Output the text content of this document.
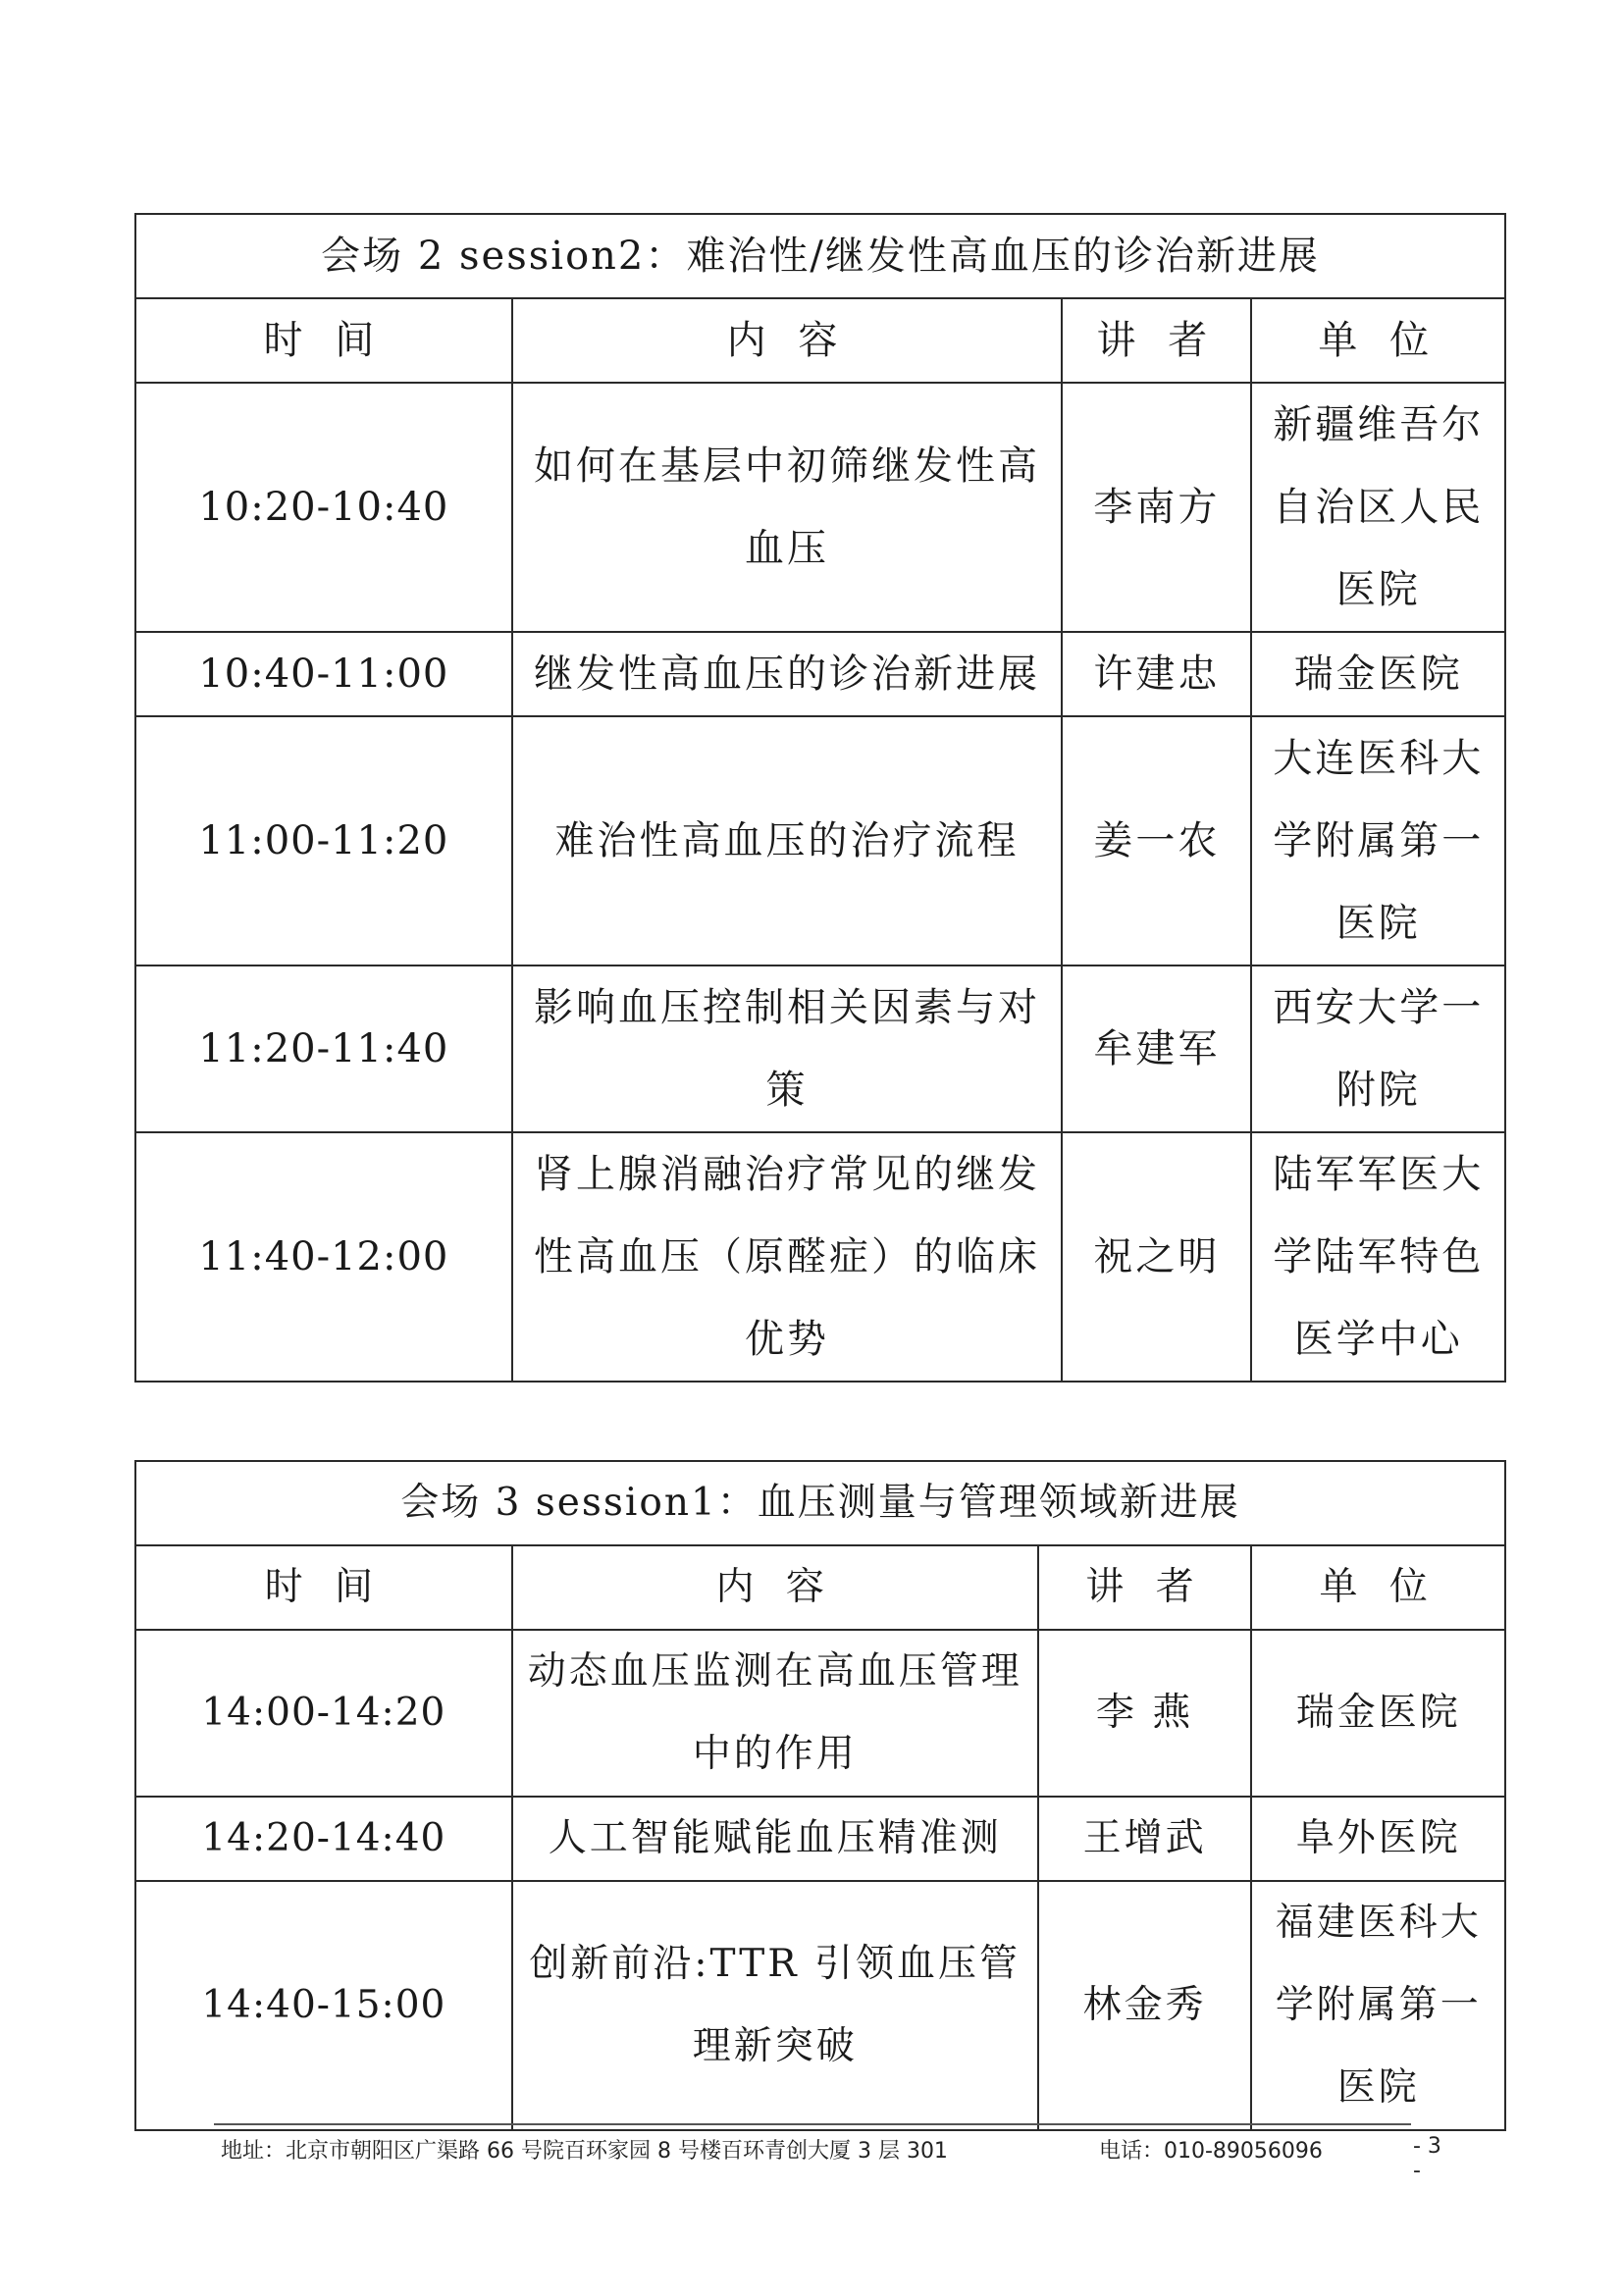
会场 2 session2：难治性/继发性高血压的诊治新进展			
时 间	内 容	讲 者	单 位
10:20-10:40	如何在基层中初筛继发性高血压	李南方	新疆维吾尔自治区人民医院
10:40-11:00	继发性高血压的诊治新进展	许建忠	瑞金医院
11:00-11:20	难治性高血压的治疗流程	姜一农	大连医科大学附属第一医院
11:20-11:40	影响血压控制相关因素与对策	牟建军	西安大学一附院
11:40-12:00	肾上腺消融治疗常见的继发性高血压（原醛症）的临床优势	祝之明	陆军军医大学陆军特色医学中心
会场 3 session1：血压测量与管理领域新进展			
时 间	内 容	讲 者	单 位
14:00-14:20	动态血压监测在高血压管理中的作用	李 燕	瑞金医院
14:20-14:40	人工智能赋能血压精准测	王增武	阜外医院
14:40-15:00	创新前沿:TTR 引领血压管理新突破	林金秀	福建医科大学附属第一医院
地址：北京市朝阳区广渠路 66 号院百环家园 8 号楼百环青创大厦 3 层 301	电话：010-89056096	- 3 -
